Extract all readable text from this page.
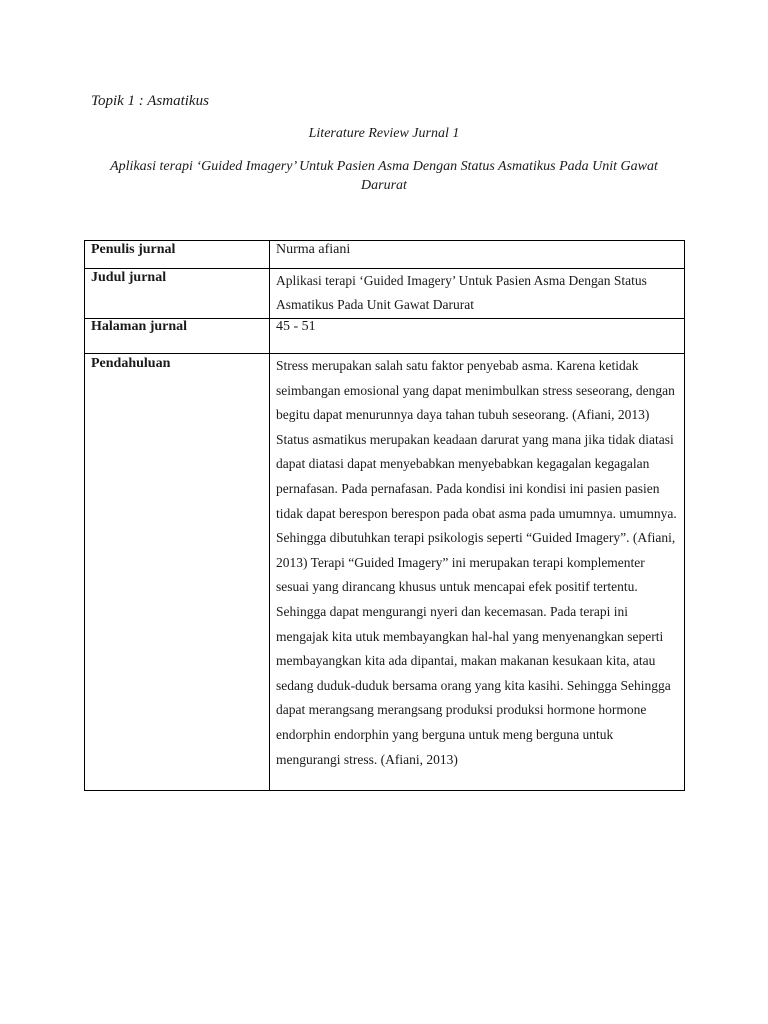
Topik 1 : Asmatikus
Literature Review Jurnal 1
Aplikasi terapi ‘Guided Imagery’ Untuk Pasien Asma Dengan Status Asmatikus Pada Unit Gawat Darurat
Penulis jurnal	Nurma afiani
Judul jurnal	Aplikasi terapi ‘Guided Imagery’ Untuk Pasien Asma Dengan Status Asmatikus Pada Unit Gawat Darurat
Halaman jurnal	45 - 51
Pendahuluan	Stress merupakan salah satu faktor penyebab asma. Karena ketidak seimbangan emosional yang dapat menimbulkan stress seseorang, dengan begitu dapat menurunnya daya tahan tubuh seseorang. (Afiani, 2013) Status asmatikus merupakan keadaan darurat yang mana jika tidak diatasi dapat diatasi dapat menyebabkan menyebabkan kegagalan kegagalan pernafasan. Pada pernafasan. Pada kondisi ini kondisi ini pasien pasien tidak dapat berespon berespon pada obat asma pada umumnya. umumnya. Sehingga dibutuhkan terapi psikologis seperti “Guided Imagery”. (Afiani, 2013) Terapi “Guided Imagery” ini merupakan terapi komplementer sesuai yang dirancang khusus untuk mencapai efek positif tertentu. Sehingga dapat mengurangi nyeri dan kecemasan. Pada terapi ini mengajak kita utuk membayangkan hal-hal yang menyenangkan seperti membayangkan kita ada dipantai, makan makanan kesukaan kita, atau sedang duduk-duduk bersama orang yang kita kasihi. Sehingga Sehingga dapat merangsang merangsang produksi produksi hormone hormone endorphin endorphin yang berguna untuk meng berguna untuk mengurangi stress. (Afiani, 2013)
